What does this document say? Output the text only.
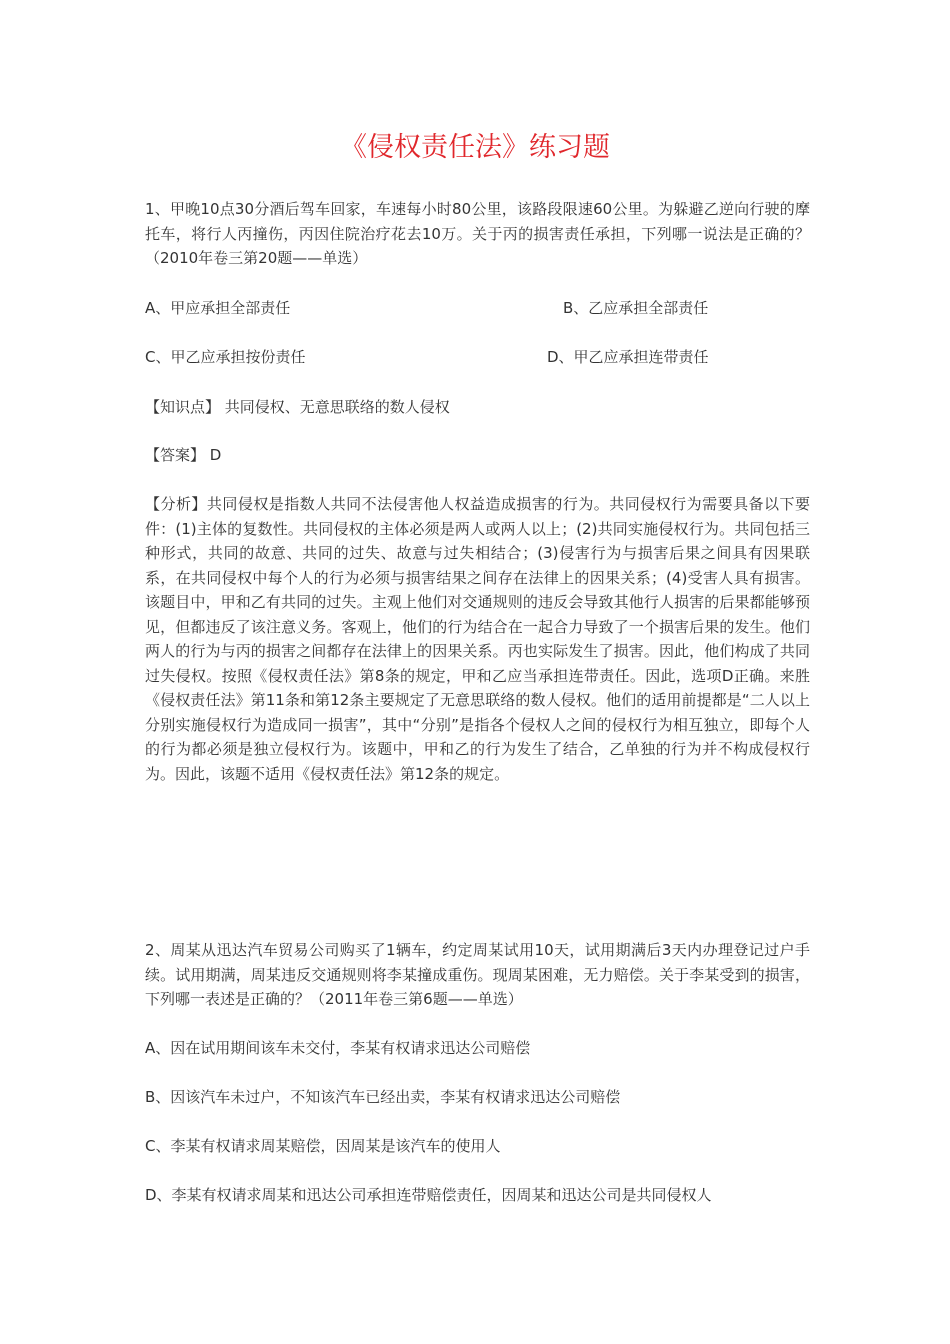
《侵权责任法》练习题

1、甲晚10点30分酒后驾车回家，车速每小时80公里，该路段限速60公里。为躲避乙逆向行驶的摩托车，将行人丙撞伤，丙因住院治疗花去10万。关于丙的损害责任承担，下列哪一说法是正确的？（2010年卷三第20题——单选）

A、甲应承担全部责任	B、乙应承担全部责任

C、甲乙应承担按份责任	D、甲乙应承担连带责任

【知识点】 共同侵权、无意思联络的数人侵权

【答案】 D

【分析】共同侵权是指数人共同不法侵害他人权益造成损害的行为。共同侵权行为需要具备以下要件：(1)主体的复数性。共同侵权的主体必须是两人或两人以上；(2)共同实施侵权行为。共同包括三种形式，共同的故意、共同的过失、故意与过失相结合；(3)侵害行为与损害后果之间具有因果联系，在共同侵权中每个人的行为必须与损害结果之间存在法律上的因果关系；(4)受害人具有损害。该题目中，甲和乙有共同的过失。主观上他们对交通规则的违反会导致其他行人损害的后果都能够预见，但都违反了该注意义务。客观上，他们的行为结合在一起合力导致了一个损害后果的发生。他们两人的行为与丙的损害之间都存在法律上的因果关系。丙也实际发生了损害。因此，他们构成了共同过失侵权。按照《侵权责任法》第8条的规定，甲和乙应当承担连带责任。因此，选项D正确。来胜《侵权责任法》第11条和第12条主要规定了无意思联络的数人侵权。他们的适用前提都是“二人以上分别实施侵权行为造成同一损害”，其中“分别”是指各个侵权人之间的侵权行为相互独立，即每个人的行为都必须是独立侵权行为。该题中，甲和乙的行为发生了结合，乙单独的行为并不构成侵权行为。因此，该题不适用《侵权责任法》第12条的规定。

2、周某从迅达汽车贸易公司购买了1辆车，约定周某试用10天，试用期满后3天内办理登记过户手续。试用期满，周某违反交通规则将李某撞成重伤。现周某困难，无力赔偿。关于李某受到的损害，下列哪一表述是正确的？（2011年卷三第6题——单选）

A、因在试用期间该车未交付，李某有权请求迅达公司赔偿

B、因该汽车未过户，不知该汽车已经出卖，李某有权请求迅达公司赔偿

C、李某有权请求周某赔偿，因周某是该汽车的使用人

D、李某有权请求周某和迅达公司承担连带赔偿责任，因周某和迅达公司是共同侵权人
